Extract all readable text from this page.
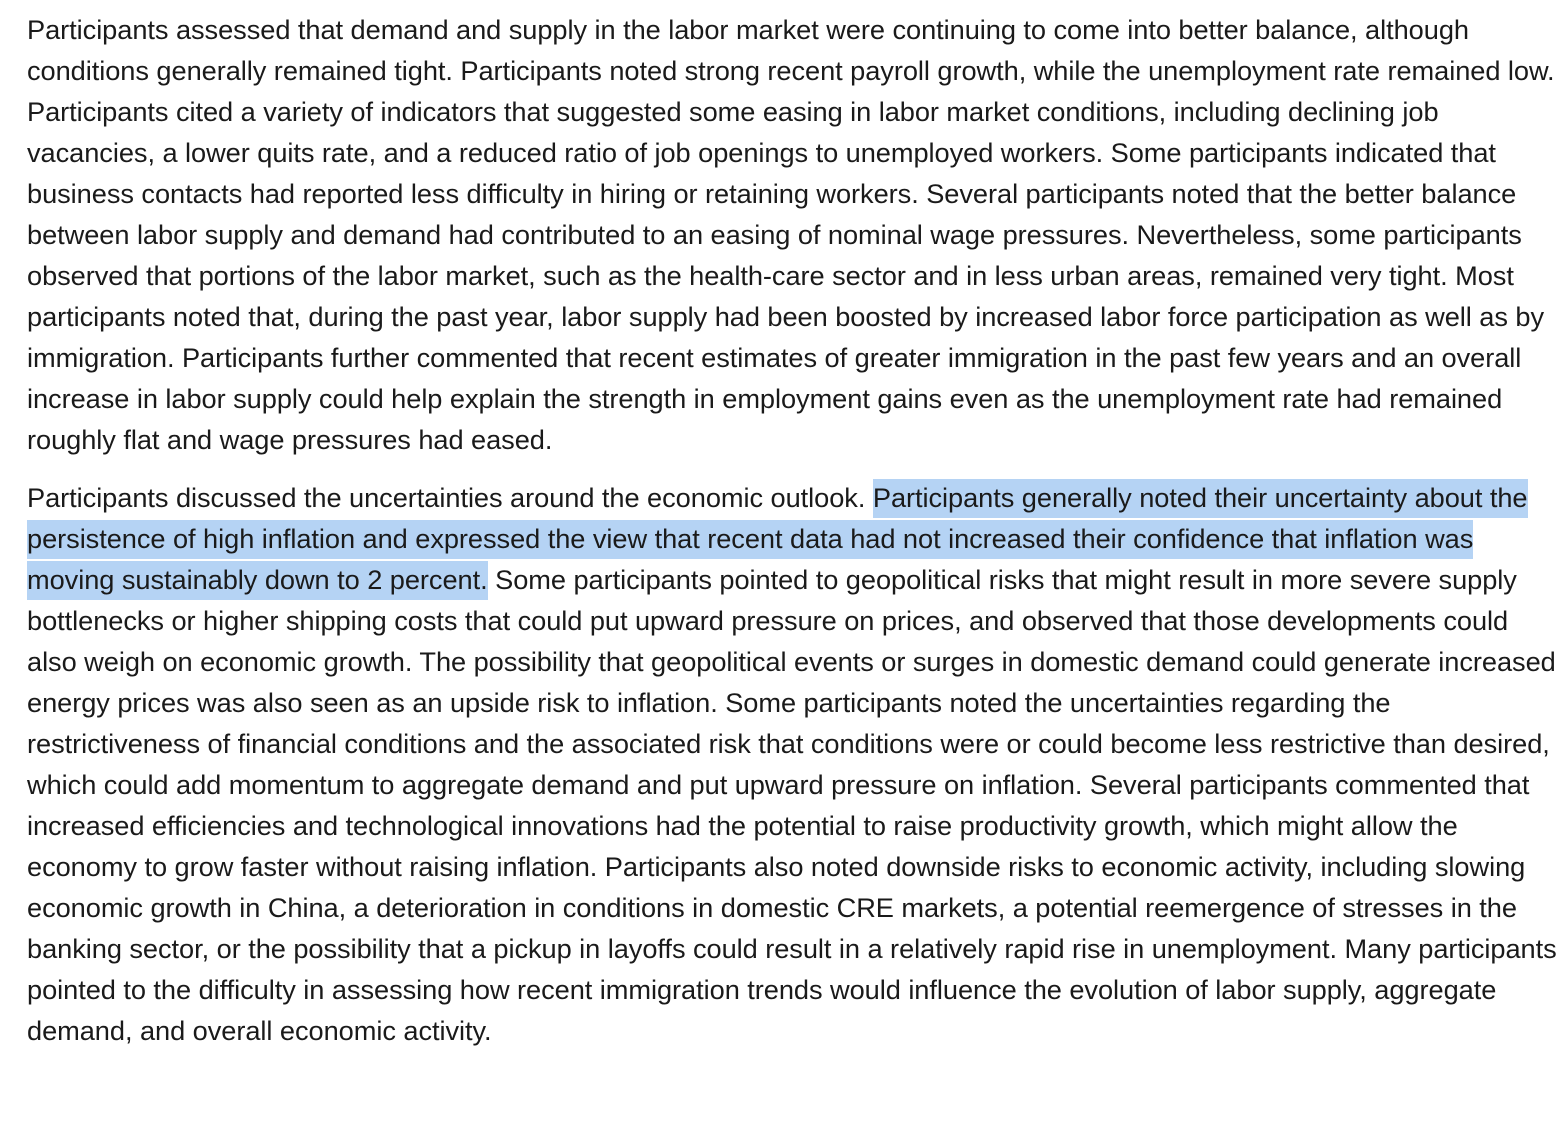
Participants assessed that demand and supply in the labor market were continuing to come into better balance, although conditions generally remained tight. Participants noted strong recent payroll growth, while the unemployment rate remained low. Participants cited a variety of indicators that suggested some easing in labor market conditions, including declining job vacancies, a lower quits rate, and a reduced ratio of job openings to unemployed workers. Some participants indicated that business contacts had reported less difficulty in hiring or retaining workers. Several participants noted that the better balance between labor supply and demand had contributed to an easing of nominal wage pressures. Nevertheless, some participants observed that portions of the labor market, such as the health-care sector and in less urban areas, remained very tight. Most participants noted that, during the past year, labor supply had been boosted by increased labor force participation as well as by immigration. Participants further commented that recent estimates of greater immigration in the past few years and an overall increase in labor supply could help explain the strength in employment gains even as the unemployment rate had remained roughly flat and wage pressures had eased.

Participants discussed the uncertainties around the economic outlook. Participants generally noted their uncertainty about the persistence of high inflation and expressed the view that recent data had not increased their confidence that inflation was moving sustainably down to 2 percent. Some participants pointed to geopolitical risks that might result in more severe supply bottlenecks or higher shipping costs that could put upward pressure on prices, and observed that those developments could also weigh on economic growth. The possibility that geopolitical events or surges in domestic demand could generate increased energy prices was also seen as an upside risk to inflation. Some participants noted the uncertainties regarding the restrictiveness of financial conditions and the associated risk that conditions were or could become less restrictive than desired, which could add momentum to aggregate demand and put upward pressure on inflation. Several participants commented that increased efficiencies and technological innovations had the potential to raise productivity growth, which might allow the economy to grow faster without raising inflation. Participants also noted downside risks to economic activity, including slowing economic growth in China, a deterioration in conditions in domestic CRE markets, a potential reemergence of stresses in the banking sector, or the possibility that a pickup in layoffs could result in a relatively rapid rise in unemployment. Many participants pointed to the difficulty in assessing how recent immigration trends would influence the evolution of labor supply, aggregate demand, and overall economic activity.
